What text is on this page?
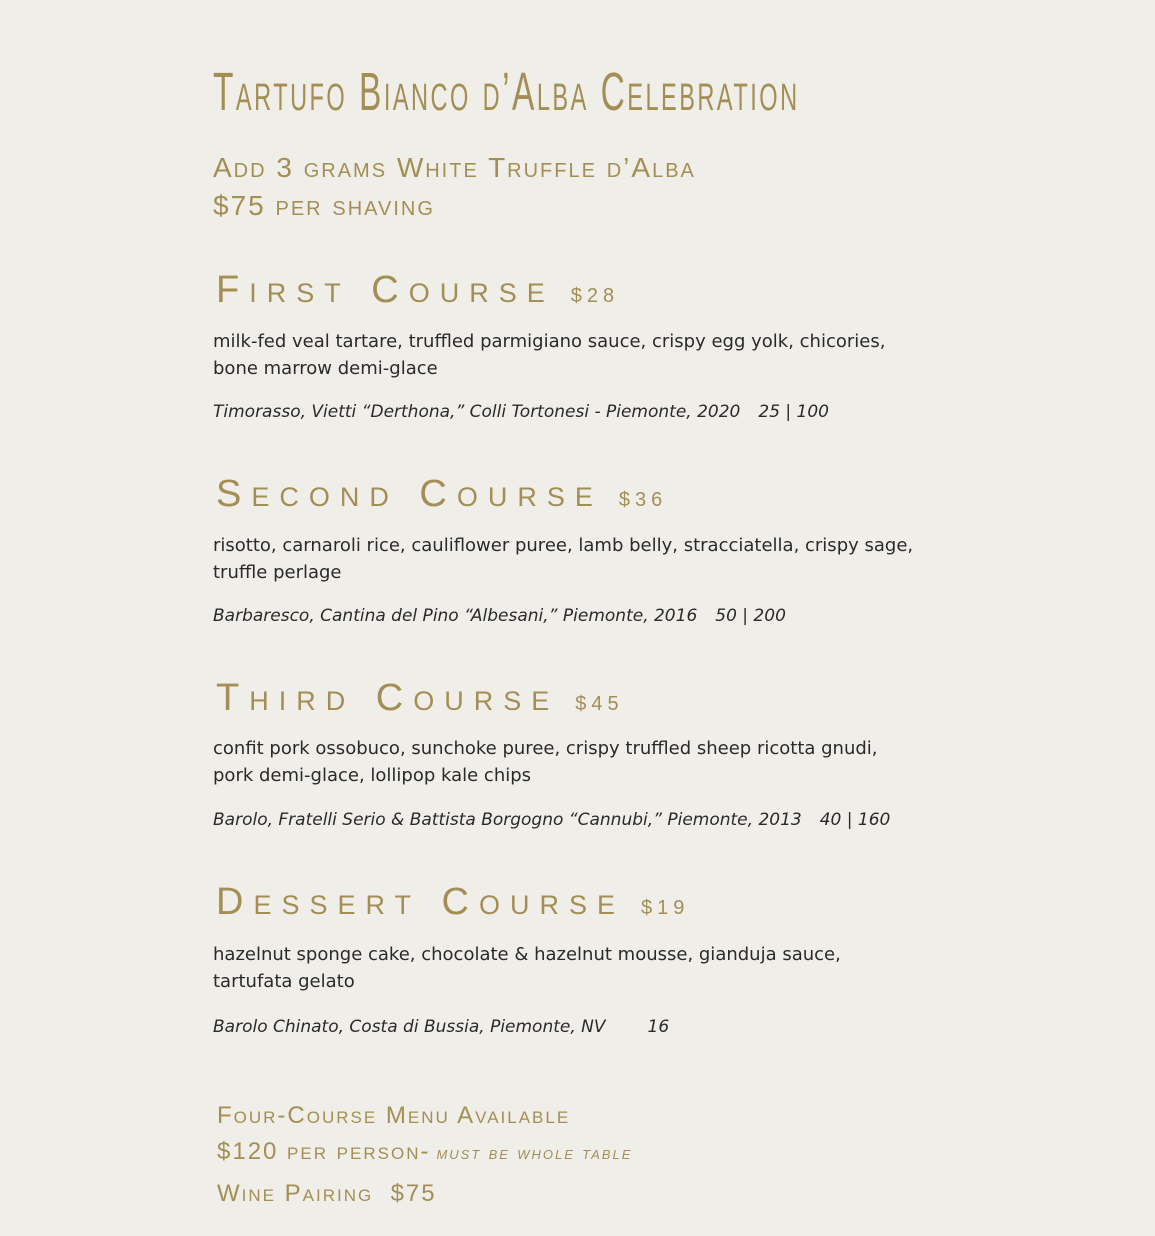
Tartufo Bianco d’Alba Celebration
Add 3 grams White Truffle d’Alba
$75 per shaving
First Course $28
milk-fed veal tartare, truffled parmigiano sauce, crispy egg yolk, chicories,
bone marrow demi-glace
Timorasso, Vietti “Derthona,” Colli Tortonesi - Piemonte, 2020 25 | 100
Second Course $36
risotto, carnaroli rice, cauliflower puree, lamb belly, stracciatella, crispy sage,
truffle perlage
Barbaresco, Cantina del Pino “Albesani,” Piemonte, 2016 50 | 200
Third Course $45
confit pork ossobuco, sunchoke puree, crispy truffled sheep ricotta gnudi,
pork demi-glace, lollipop kale chips
Barolo, Fratelli Serio & Battista Borgogno “Cannubi,” Piemonte, 2013 40 | 160
Dessert Course $19
hazelnut sponge cake, chocolate & hazelnut mousse, gianduja sauce,
tartufata gelato
Barolo Chinato, Costa di Bussia, Piemonte, NV 16
Four-Course Menu Available
$120 per person- must be whole table
Wine Pairing  $75
